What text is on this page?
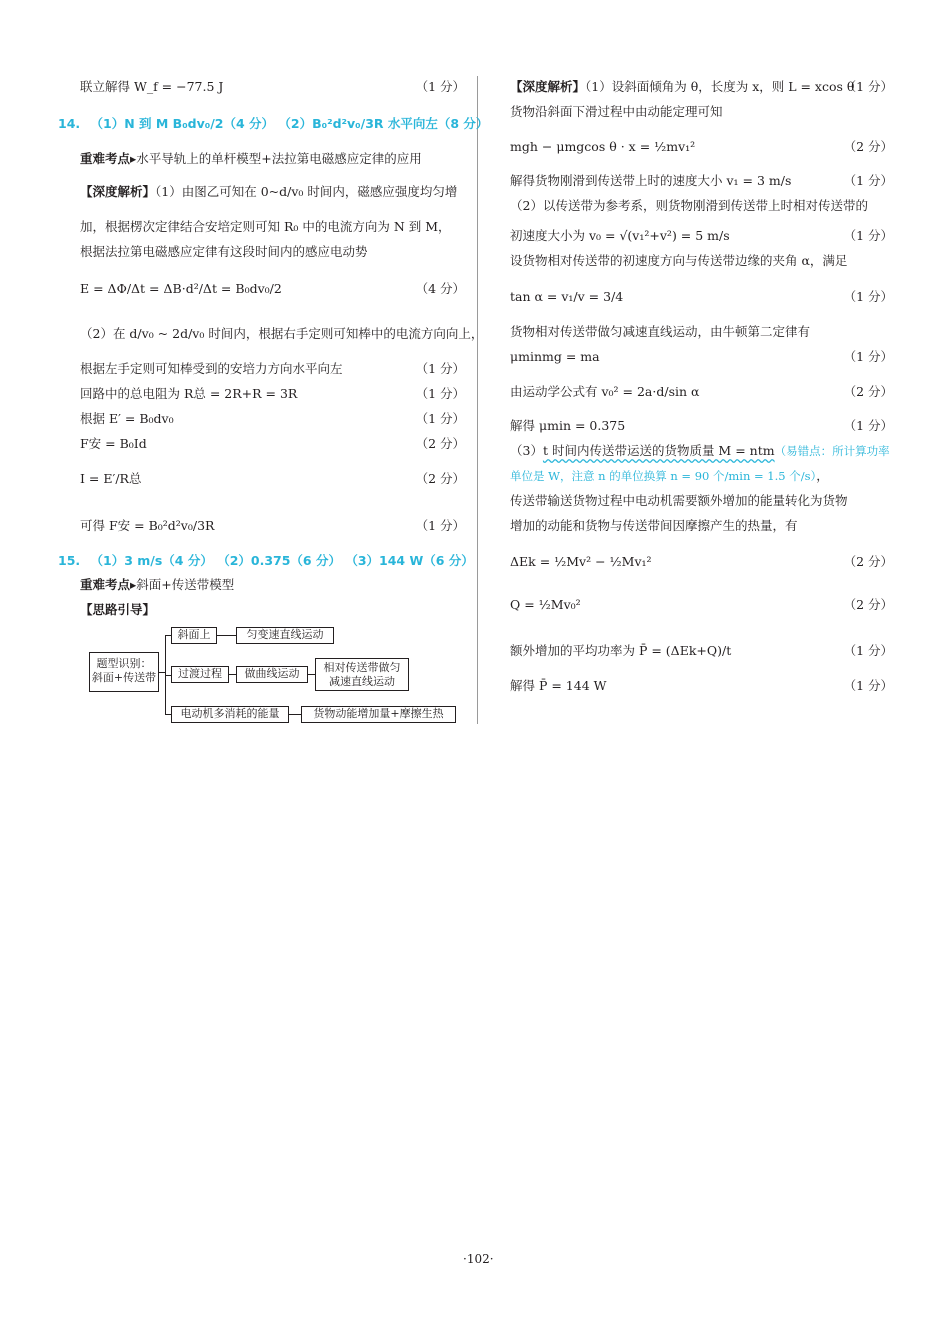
联立解得 W_f = −77.5 J	（1 分）
14. （1）N 到 M B₀dv₀/2（4 分） （2）B₀²d²v₀/3R 水平向左（8 分）
重难考点▸水平导轨上的单杆模型+法拉第电磁感应定律的应用
【深度解析】（1）由图乙可知在 0~d/v₀ 时间内，磁感应强度均匀增
加，根据楞次定律结合安培定则可知 R₀ 中的电流方向为 N 到 M，
根据法拉第电磁感应定律有这段时间内的感应电动势
E = ΔΦ/Δt = ΔB·d²/Δt = B₀dv₀/2	（4 分）
（2）在 d/v₀ ~ 2d/v₀ 时间内，根据右手定则可知棒中的电流方向向上，
根据左手定则可知棒受到的安培力方向水平向左	（1 分）
回路中的总电阻为 R总 = 2R+R = 3R	（1 分）
根据 E′ = B₀dv₀	（1 分）
F安 = B₀Id	（2 分）
I = E′/R总	（2 分）
可得 F安 = B₀²d²v₀/3R	（1 分）
15. （1）3 m/s（4 分） （2）0.375（6 分） （3）144 W（6 分）
重难考点▸斜面+传送带模型
【思路引导】
题型识别：
斜面+传送带
斜面上	匀变速直线运动
过渡过程	做曲线运动	相对传送带做匀
减速直线运动
电动机多消耗的能量	货物动能增加量+摩擦生热
【深度解析】（1）设斜面倾角为 θ，长度为 x，则 L = xcos θ
（1 分）
货物沿斜面下滑过程中由动能定理可知
mgh − μmgcos θ · x = ½mv₁²	（2 分）
解得货物刚滑到传送带上时的速度大小 v₁ = 3 m/s	（1 分）
（2）以传送带为参考系，则货物刚滑到传送带上时相对传送带的
初速度大小为 v₀ = √(v₁²+v²) = 5 m/s	（1 分）
设货物相对传送带的初速度方向与传送带边缘的夹角 α，满足
tan α = v₁/v = 3/4	（1 分）
货物相对传送带做匀减速直线运动，由牛顿第二定律有
μminmg = ma	（1 分）
由运动学公式有 v₀² = 2a·d/sin α	（2 分）
解得 μmin = 0.375	（1 分）
（3）t 时间内传送带运送的货物质量 M = ntm（易错点：所计算功率
单位是 W，注意 n 的单位换算 n = 90 个/min = 1.5 个/s），
传送带输送货物过程中电动机需要额外增加的能量转化为货物
增加的动能和货物与传送带间因摩擦产生的热量，有
ΔEk = ½Mv² − ½Mv₁²	（2 分）
Q = ½Mv₀²	（2 分）
额外增加的平均功率为 P̄ = (ΔEk+Q)/t	（1 分）
解得 P̄ = 144 W	（1 分）
·102·
